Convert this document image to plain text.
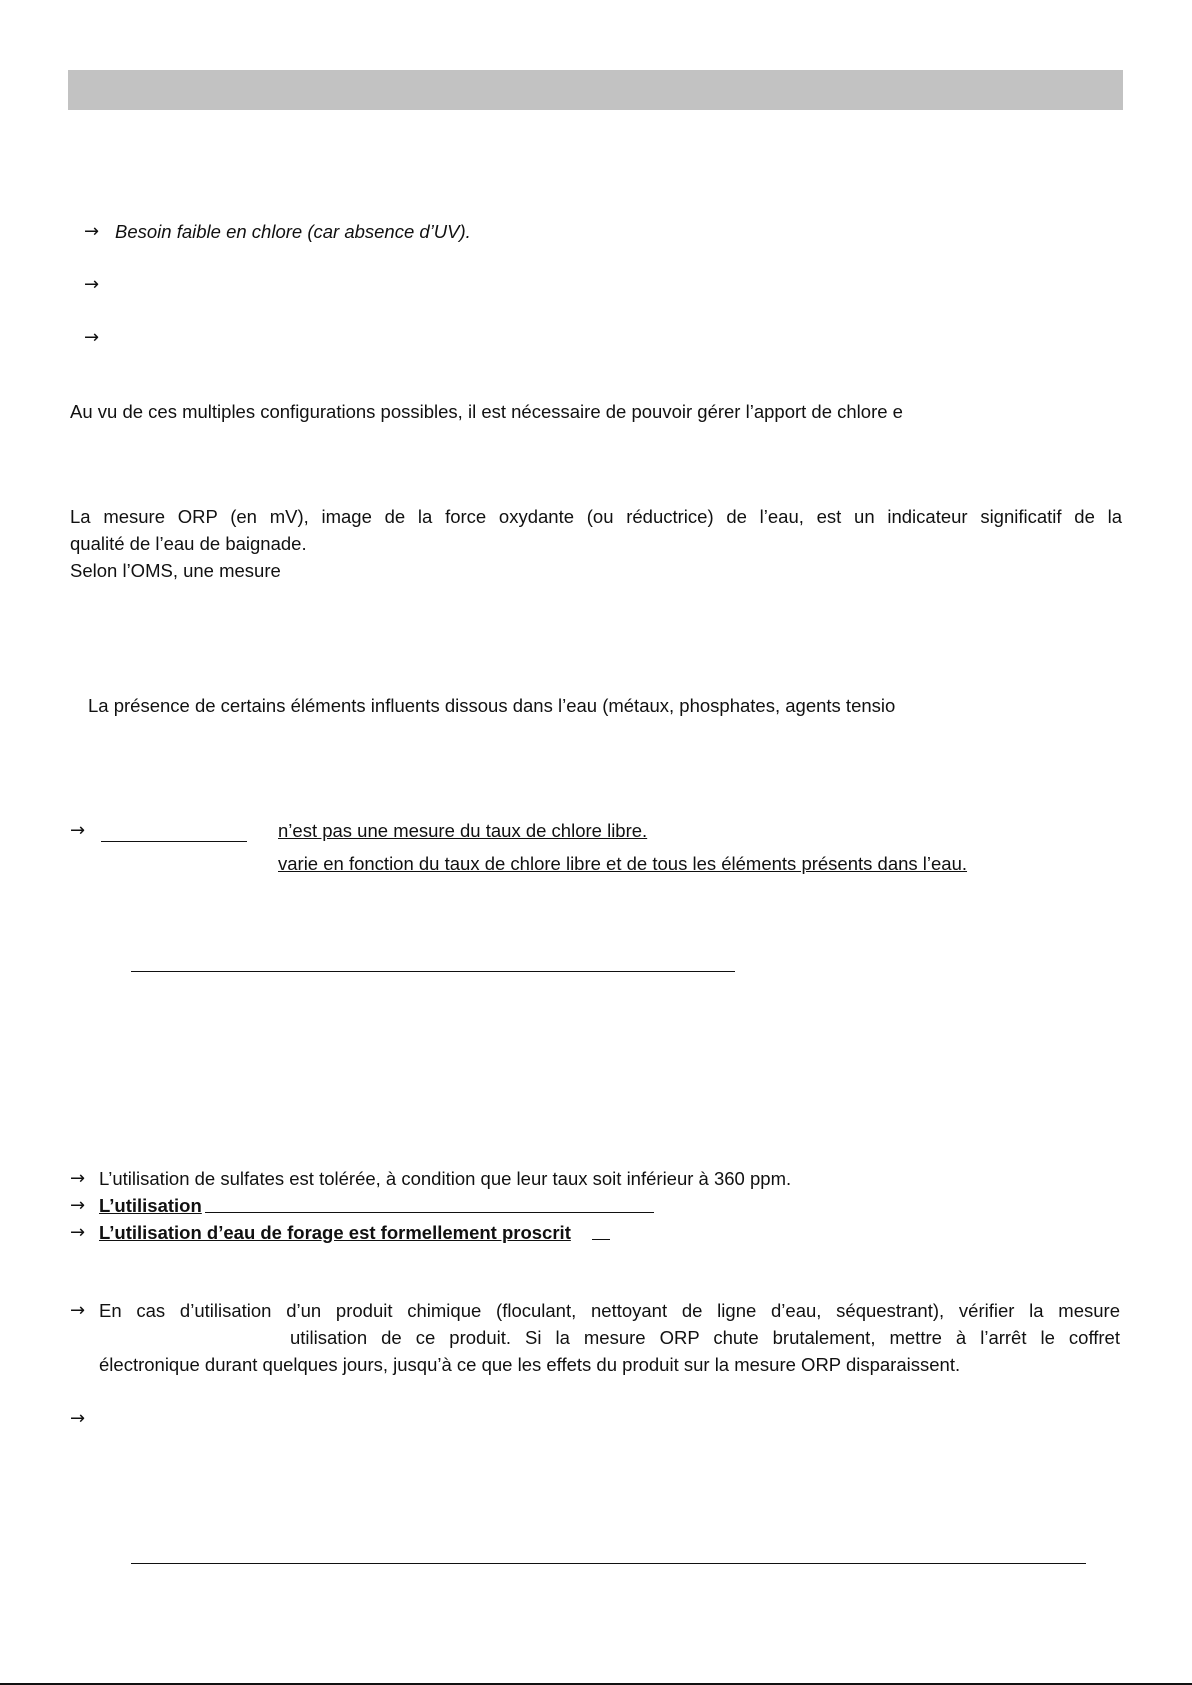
→ Besoin faible en chlore (car absence d’UV).
→
→
Au vu de ces multiples configurations possibles, il est nécessaire de pouvoir gérer l’apport de chlore e
La mesure ORP (en mV), image de la force oxydante (ou réductrice) de l’eau, est un indicateur significatif de la
qualité de l’eau de baignade.
Selon l’OMS, une mesure
La présence de certains éléments influents dissous dans l’eau (métaux, phosphates, agents tensio
→	n’est pas une mesure du taux de chlore libre.
varie en fonction du taux de chlore libre et de tous les éléments présents dans l’eau.
→ L’utilisation de sulfates est tolérée, à condition que leur taux soit inférieur à 360 ppm.
→ L’utilisation
→ L’utilisation d’eau de forage est formellement proscrit
→ En cas d’utilisation d’un produit chimique (floculant, nettoyant de ligne d’eau, séquestrant), vérifier la mesure
utilisation de ce produit. Si la mesure ORP chute brutalement, mettre à l’arrêt le coffret
électronique durant quelques jours, jusqu’à ce que les effets du produit sur la mesure ORP disparaissent.
→
